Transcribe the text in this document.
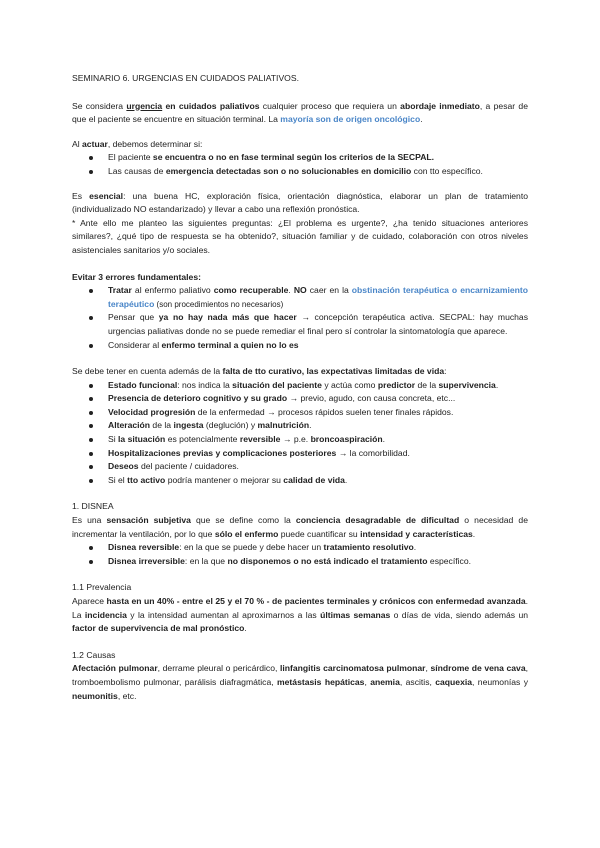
SEMINARIO 6. URGENCIAS EN CUIDADOS PALIATIVOS.

Se considera urgencia en cuidados paliativos cualquier proceso que requiera un abordaje inmediato, a pesar de que el paciente se encuentre en situación terminal. La mayoría son de origen oncológico.

Al actuar, debemos determinar si:

El paciente se encuentra o no en fase terminal según los criterios de la SECPAL.
Las causas de emergencia detectadas son o no solucionables en domicilio con tto específico.

Es esencial: una buena HC, exploración física, orientación diagnóstica, elaborar un plan de tratamiento (individualizado NO estandarizado) y llevar a cabo una reflexión pronóstica.

* Ante ello me planteo las siguientes preguntas: ¿El problema es urgente?, ¿ha tenido situaciones anteriores similares?, ¿qué tipo de respuesta se ha obtenido?, situación familiar y de cuidado, colaboración con otros niveles asistenciales sanitarios y/o sociales.

Evitar 3 errores fundamentales:

Tratar al enfermo paliativo como recuperable. NO caer en la obstinación terapéutica o encarnizamiento terapéutico (son procedimientos no necesarios)
Pensar que ya no hay nada más que hacer → concepción terapéutica activa. SECPAL: hay muchas urgencias paliativas donde no se puede remediar el final pero sí controlar la sintomatología que aparece.
Considerar al enfermo terminal a quien no lo es

Se debe tener en cuenta además de la falta de tto curativo, las expectativas limitadas de vida:

Estado funcional: nos indica la situación del paciente y actúa como predictor de la supervivencia.
Presencia de deterioro cognitivo y su grado → previo, agudo, con causa concreta, etc...
Velocidad progresión de la enfermedad → procesos rápidos suelen tener finales rápidos.
Alteración de la ingesta (deglución) y malnutrición.
Si la situación es potencialmente reversible → p.e. broncoaspiración.
Hospitalizaciones previas y complicaciones posteriores → la comorbilidad.
Deseos del paciente / cuidadores.
Si el tto activo podría mantener o mejorar su calidad de vida.

1. DISNEA

Es una sensación subjetiva que se define como la conciencia desagradable de dificultad o necesidad de incrementar la ventilación, por lo que sólo el enfermo puede cuantificar su intensidad y características.

Disnea reversible: en la que se puede y debe hacer un tratamiento resolutivo.
Disnea irreversible: en la que no disponemos o no está indicado el tratamiento específico.

1.1 Prevalencia

Aparece hasta en un 40% - entre el 25 y el 70 % - de pacientes terminales y crónicos con enfermedad avanzada. La incidencia y la intensidad aumentan al aproximarnos a las últimas semanas o días de vida, siendo además un factor de supervivencia de mal pronóstico.

1.2 Causas

Afectación pulmonar, derrame pleural o pericárdico, linfangitis carcinomatosa pulmonar, síndrome de vena cava, tromboembolismo pulmonar, parálisis diafragmática, metástasis hepáticas, anemia, ascitis, caquexia, neumonías y neumonitis, etc.
